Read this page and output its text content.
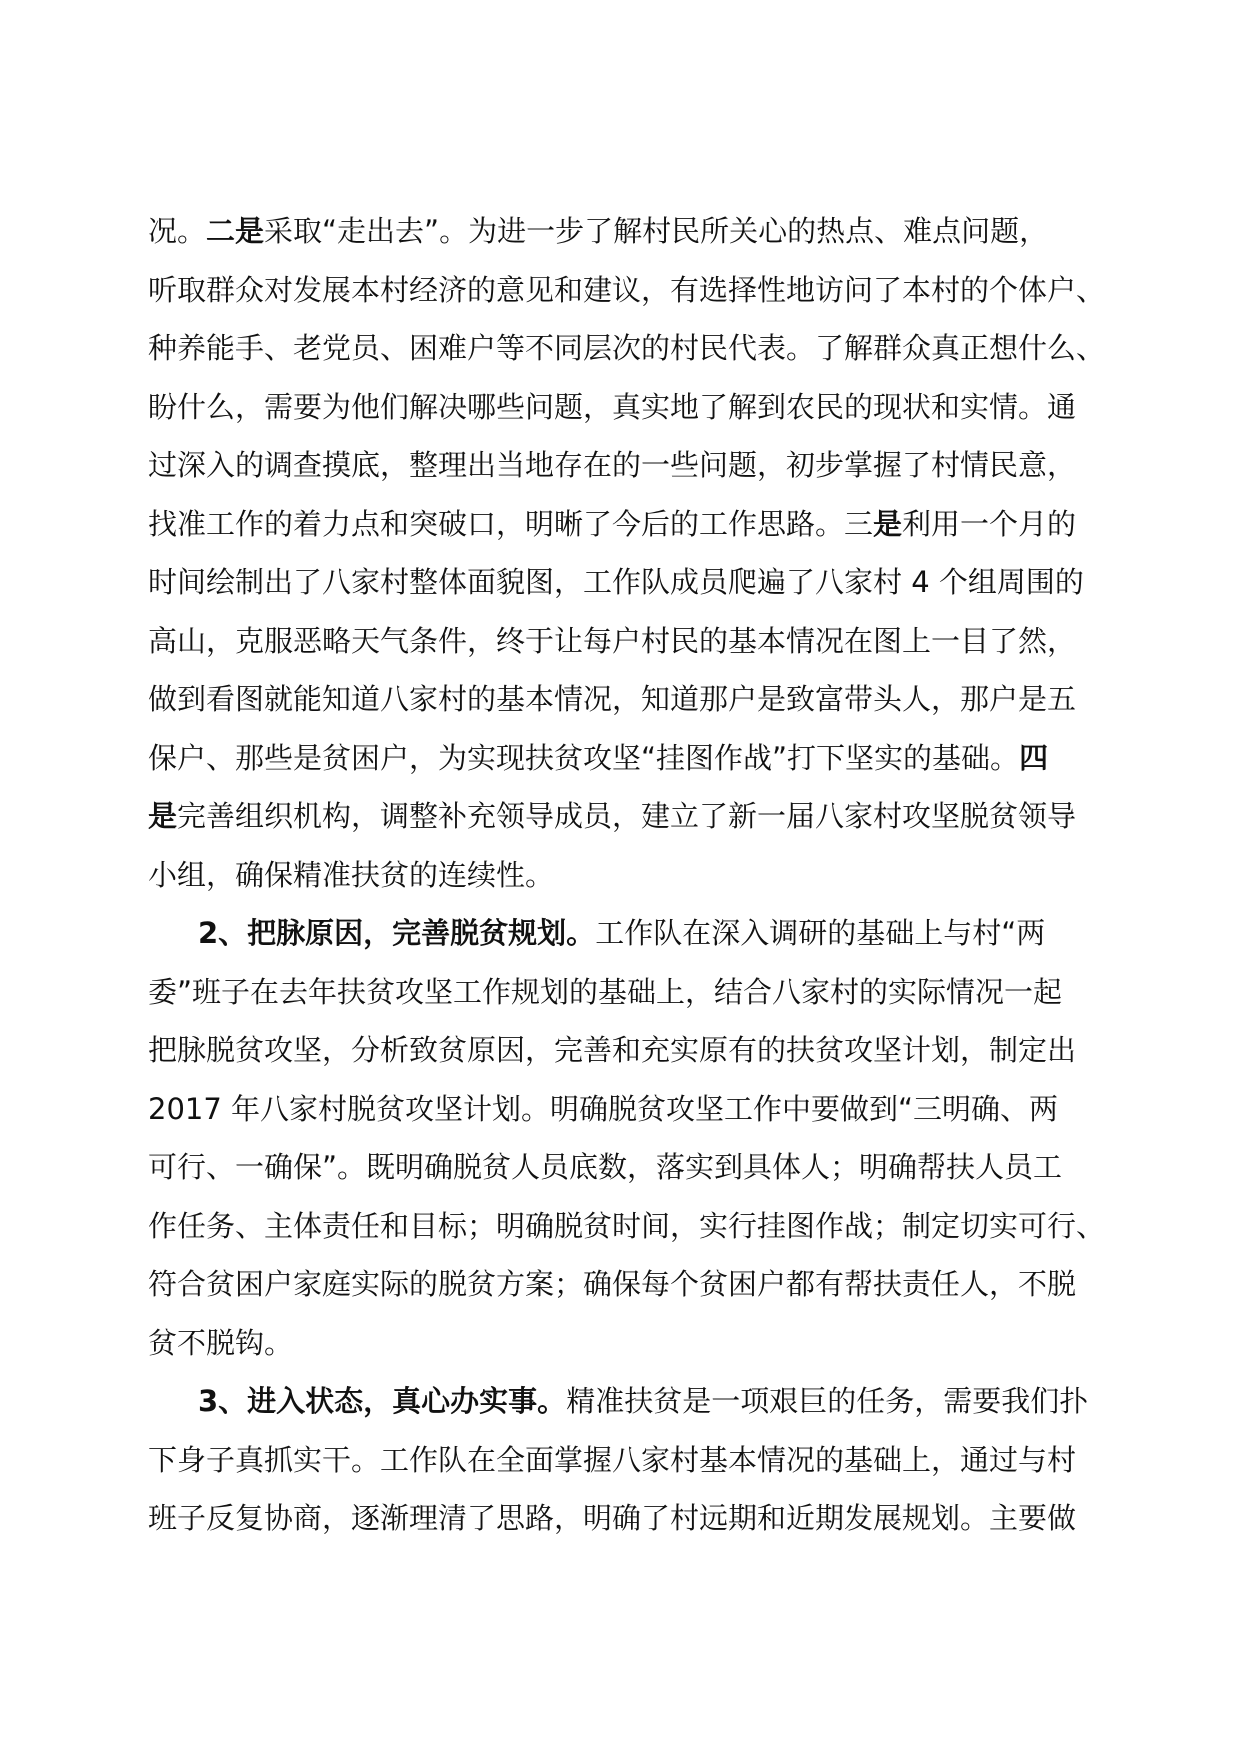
况。二是采取“走出去”。为进一步了解村民所关心的热点、难点问题，
听取群众对发展本村经济的意见和建议，有选择性地访问了本村的个体户、
种养能手、老党员、困难户等不同层次的村民代表。了解群众真正想什么、
盼什么，需要为他们解决哪些问题，真实地了解到农民的现状和实情。通
过深入的调查摸底，整理出当地存在的一些问题，初步掌握了村情民意，
找准工作的着力点和突破口，明晰了今后的工作思路。三是利用一个月的
时间绘制出了八家村整体面貌图，工作队成员爬遍了八家村 4 个组周围的
高山，克服恶略天气条件，终于让每户村民的基本情况在图上一目了然，
做到看图就能知道八家村的基本情况，知道那户是致富带头人，那户是五
保户、那些是贫困户，为实现扶贫攻坚“挂图作战”打下坚实的基础。四
是完善组织机构，调整补充领导成员，建立了新一届八家村攻坚脱贫领导
小组，确保精准扶贫的连续性。
2、把脉原因，完善脱贫规划。工作队在深入调研的基础上与村“两
委”班子在去年扶贫攻坚工作规划的基础上，结合八家村的实际情况一起
把脉脱贫攻坚，分析致贫原因，完善和充实原有的扶贫攻坚计划，制定出
2017 年八家村脱贫攻坚计划。明确脱贫攻坚工作中要做到“三明确、两
可行、一确保”。既明确脱贫人员底数，落实到具体人；明确帮扶人员工
作任务、主体责任和目标；明确脱贫时间，实行挂图作战；制定切实可行、
符合贫困户家庭实际的脱贫方案；确保每个贫困户都有帮扶责任人，不脱
贫不脱钩。
3、进入状态，真心办实事。精准扶贫是一项艰巨的任务，需要我们扑
下身子真抓实干。工作队在全面掌握八家村基本情况的基础上，通过与村
班子反复协商，逐渐理清了思路，明确了村远期和近期发展规划。主要做
